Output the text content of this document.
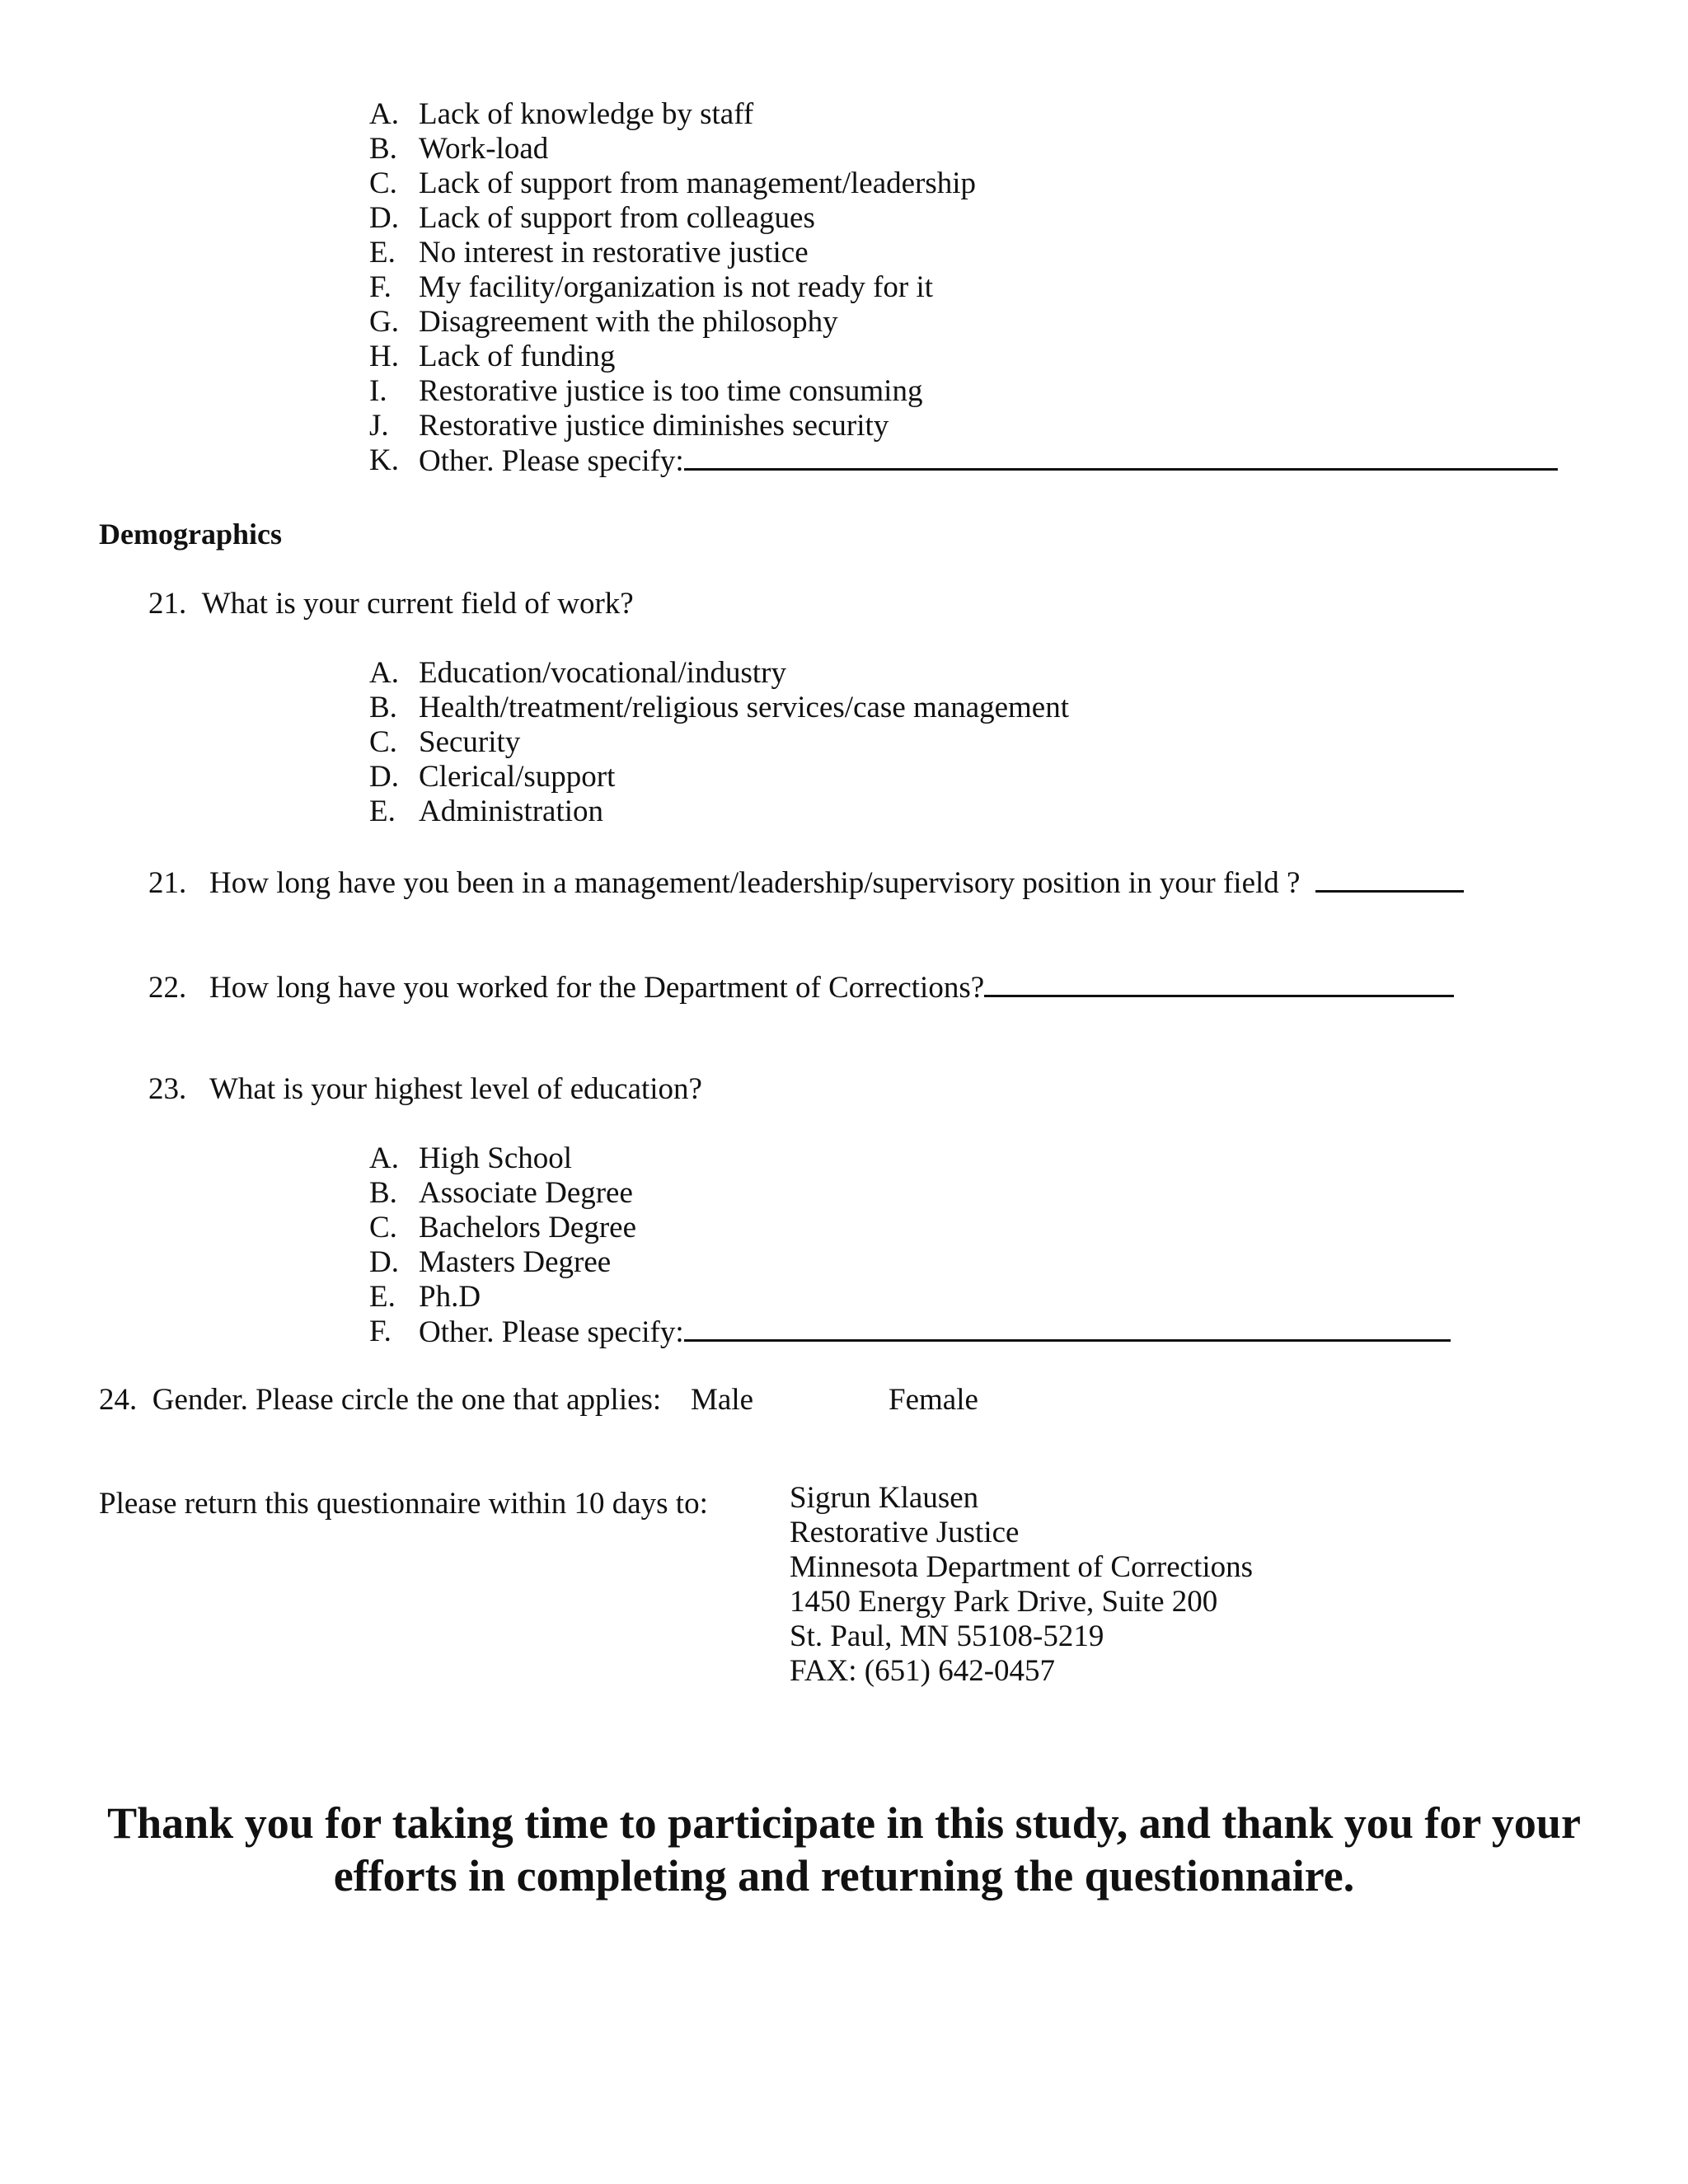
A. Lack of knowledge by staff
B. Work-load
C. Lack of support from management/leadership
D. Lack of support from colleagues
E. No interest in restorative justice
F. My facility/organization is not ready for it
G. Disagreement with the philosophy
H. Lack of funding
I. Restorative justice is too time consuming
J. Restorative justice diminishes security
K. Other. Please specify:
Demographics
21. What is your current field of work?
A. Education/vocational/industry
B. Health/treatment/religious services/case management
C. Security
D. Clerical/support
E. Administration
21. How long have you been in a management/leadership/supervisory position in your field ?
22. How long have you worked for the Department of Corrections?
23. What is your highest level of education?
A. High School
B. Associate Degree
C. Bachelors Degree
D. Masters Degree
E. Ph.D
F. Other. Please specify:
24. Gender. Please circle the one that applies: Male	Female
Please return this questionnaire within 10 days to:	Sigrun Klausen
Restorative Justice
Minnesota Department of Corrections
1450 Energy Park Drive, Suite 200
St. Paul, MN 55108-5219
FAX: (651) 642-0457
Thank you for taking time to participate in this study, and thank you for your efforts in completing and returning the questionnaire.
